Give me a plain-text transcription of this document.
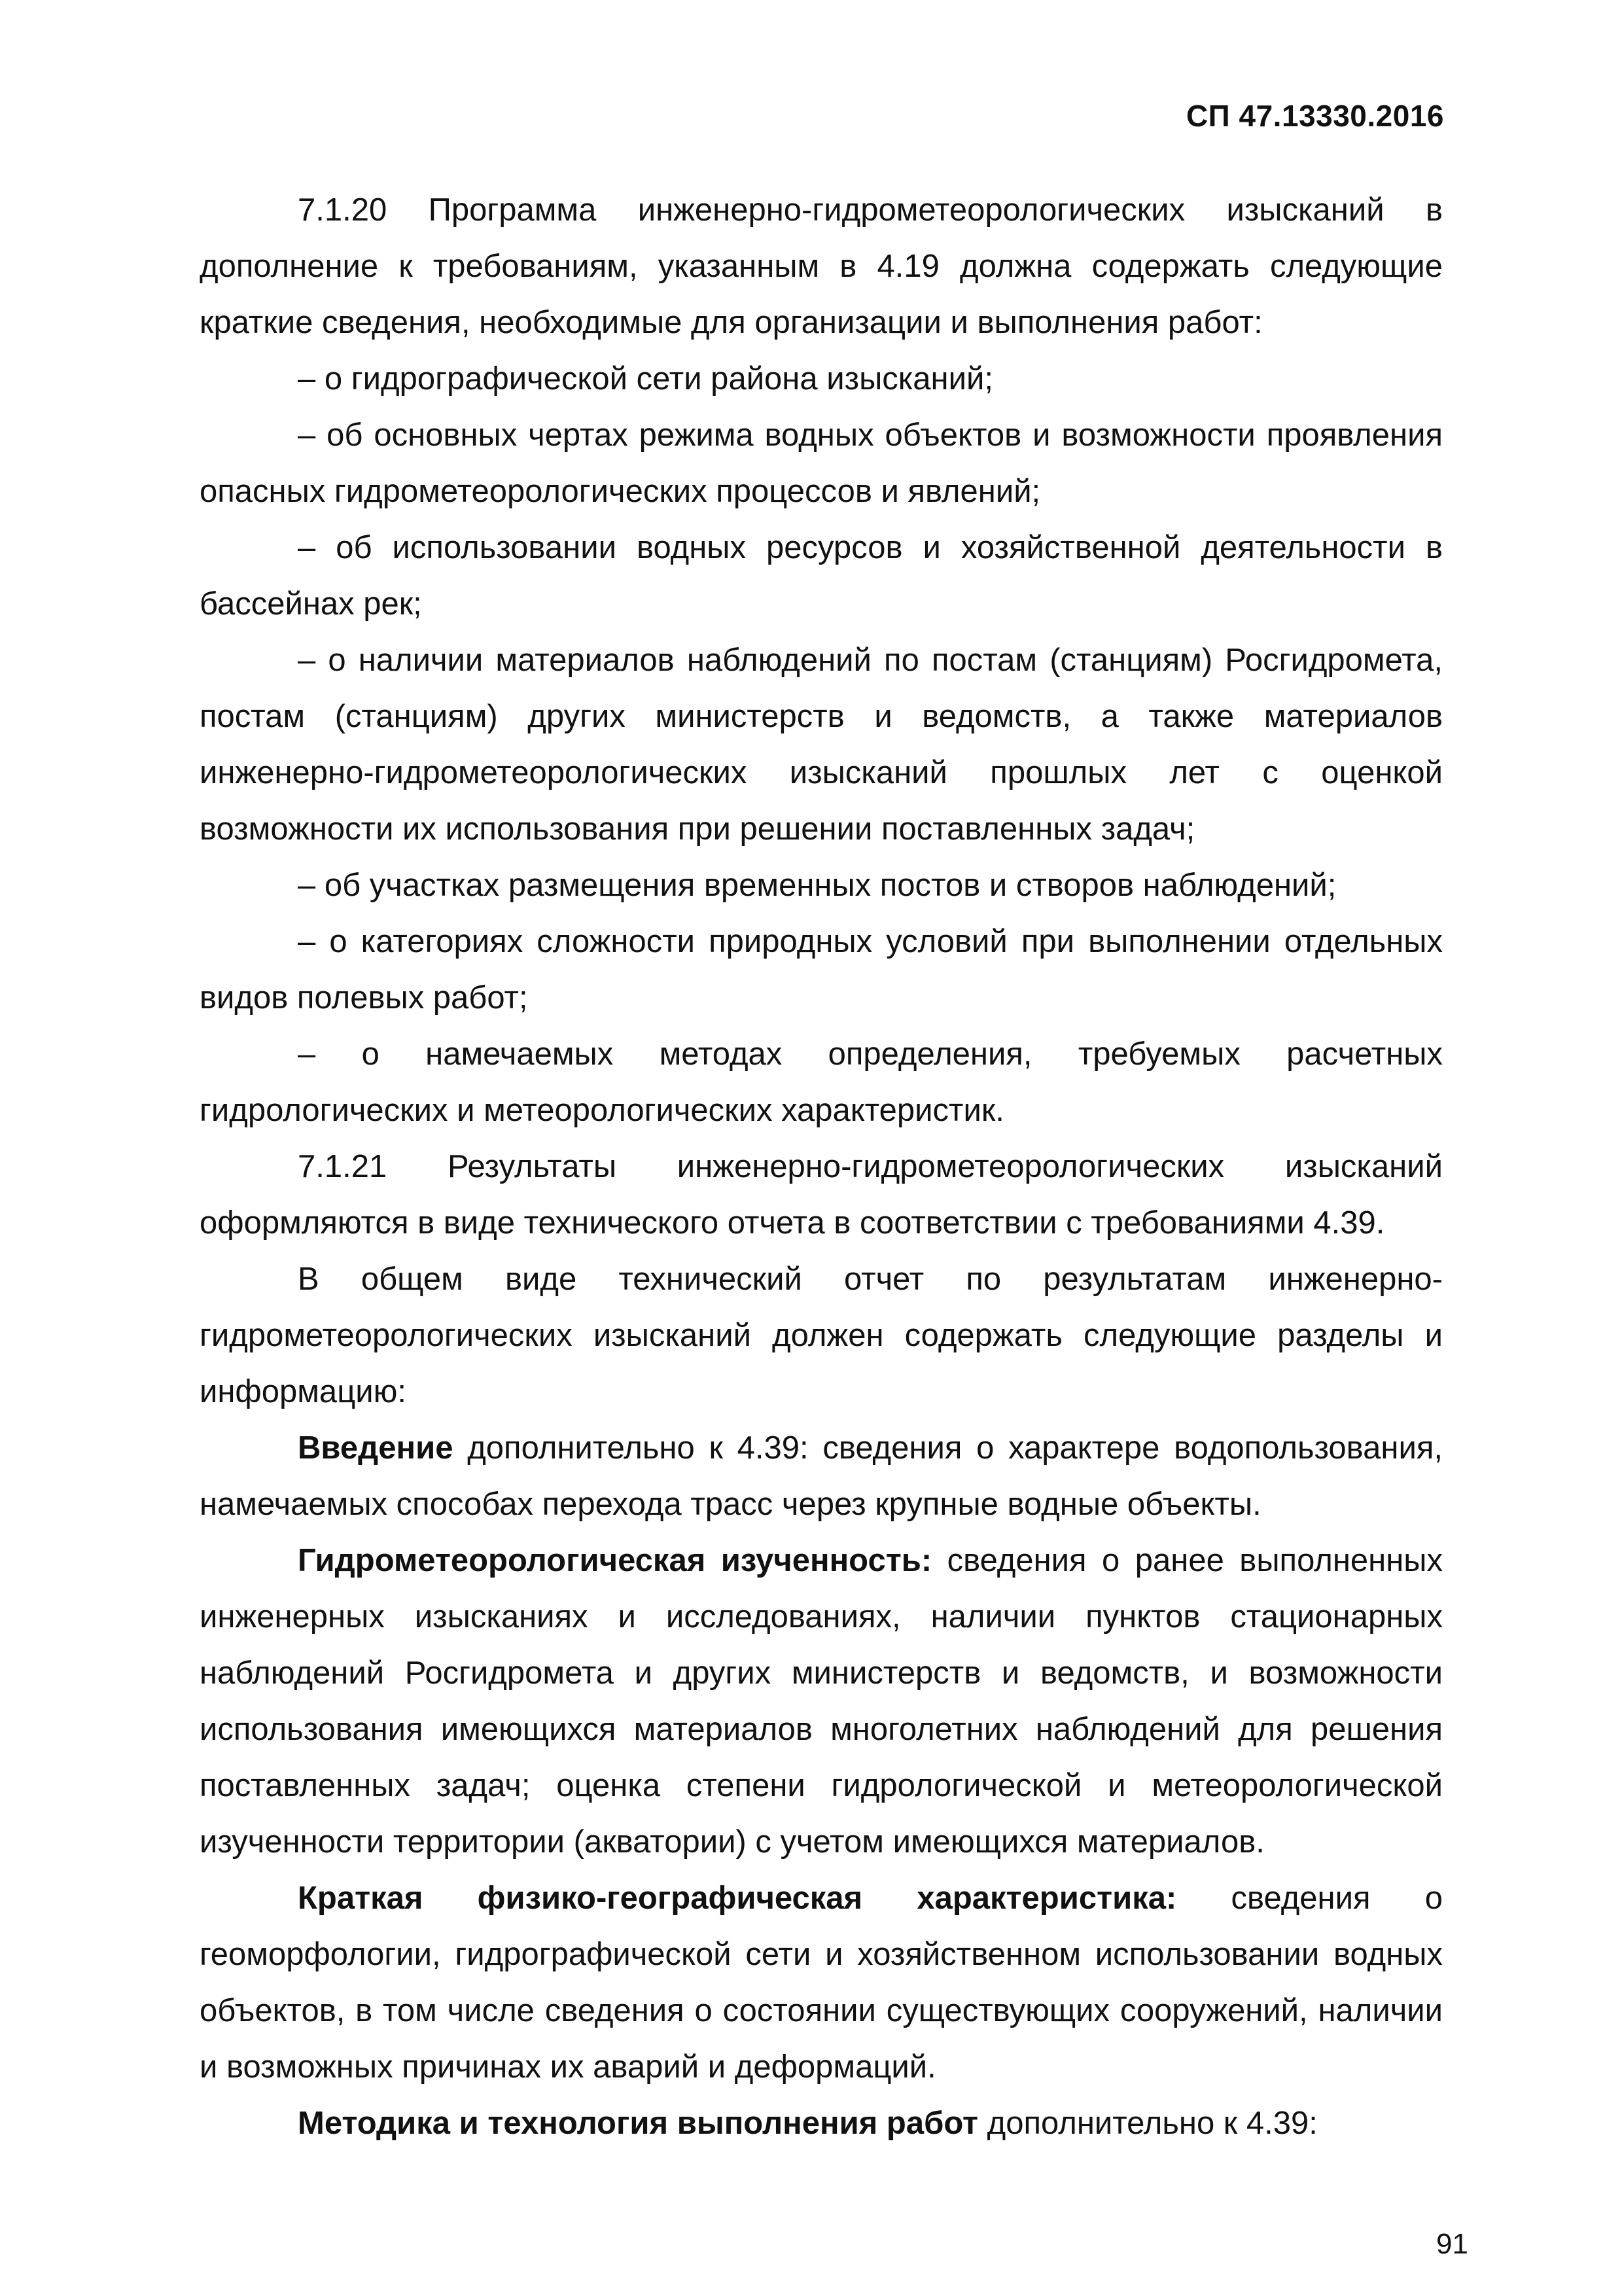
СП 47.13330.2016

7.1.20 Программа инженерно-гидрометеорологических изысканий в дополнение к требованиям, указанным в 4.19 должна содержать следующие краткие сведения, необходимые для организации и выполнения работ:

– о гидрографической сети района изысканий;

– об основных чертах режима водных объектов и возможности проявления опасных гидрометеорологических процессов и явлений;

– об использовании водных ресурсов и хозяйственной деятельности в бассейнах рек;

– о наличии материалов наблюдений по постам (станциям) Росгидромета, постам (станциям) других министерств и ведомств, а также материалов инженерно-гидрометеорологических изысканий прошлых лет с оценкой возможности их использования при решении поставленных задач;

– об участках размещения временных постов и створов наблюдений;

– о категориях сложности природных условий при выполнении отдельных видов полевых работ;

– о намечаемых методах определения, требуемых расчетных гидрологических и метеорологических характеристик.

7.1.21 Результаты инженерно-гидрометеорологических изысканий оформляются в виде технического отчета в соответствии с требованиями 4.39.

В общем виде технический отчет по результатам инженерно-гидрометеорологических изысканий должен содержать следующие разделы и информацию:

Введение дополнительно к 4.39: сведения о характере водопользования, намечаемых способах перехода трасс через крупные водные объекты.

Гидрометеорологическая изученность: сведения о ранее выполненных инженерных изысканиях и исследованиях, наличии пунктов стационарных наблюдений Росгидромета и других министерств и ведомств, и возможности использования имеющихся материалов многолетних наблюдений для решения поставленных задач; оценка степени гидрологической и метеорологической изученности территории (акватории) с учетом имеющихся материалов.

Краткая физико-географическая характеристика: сведения о геоморфологии, гидрографической сети и хозяйственном использовании водных объектов, в том числе сведения о состоянии существующих сооружений, наличии и возможных причинах их аварий и деформаций.

Методика и технология выполнения работ дополнительно к 4.39:

91
